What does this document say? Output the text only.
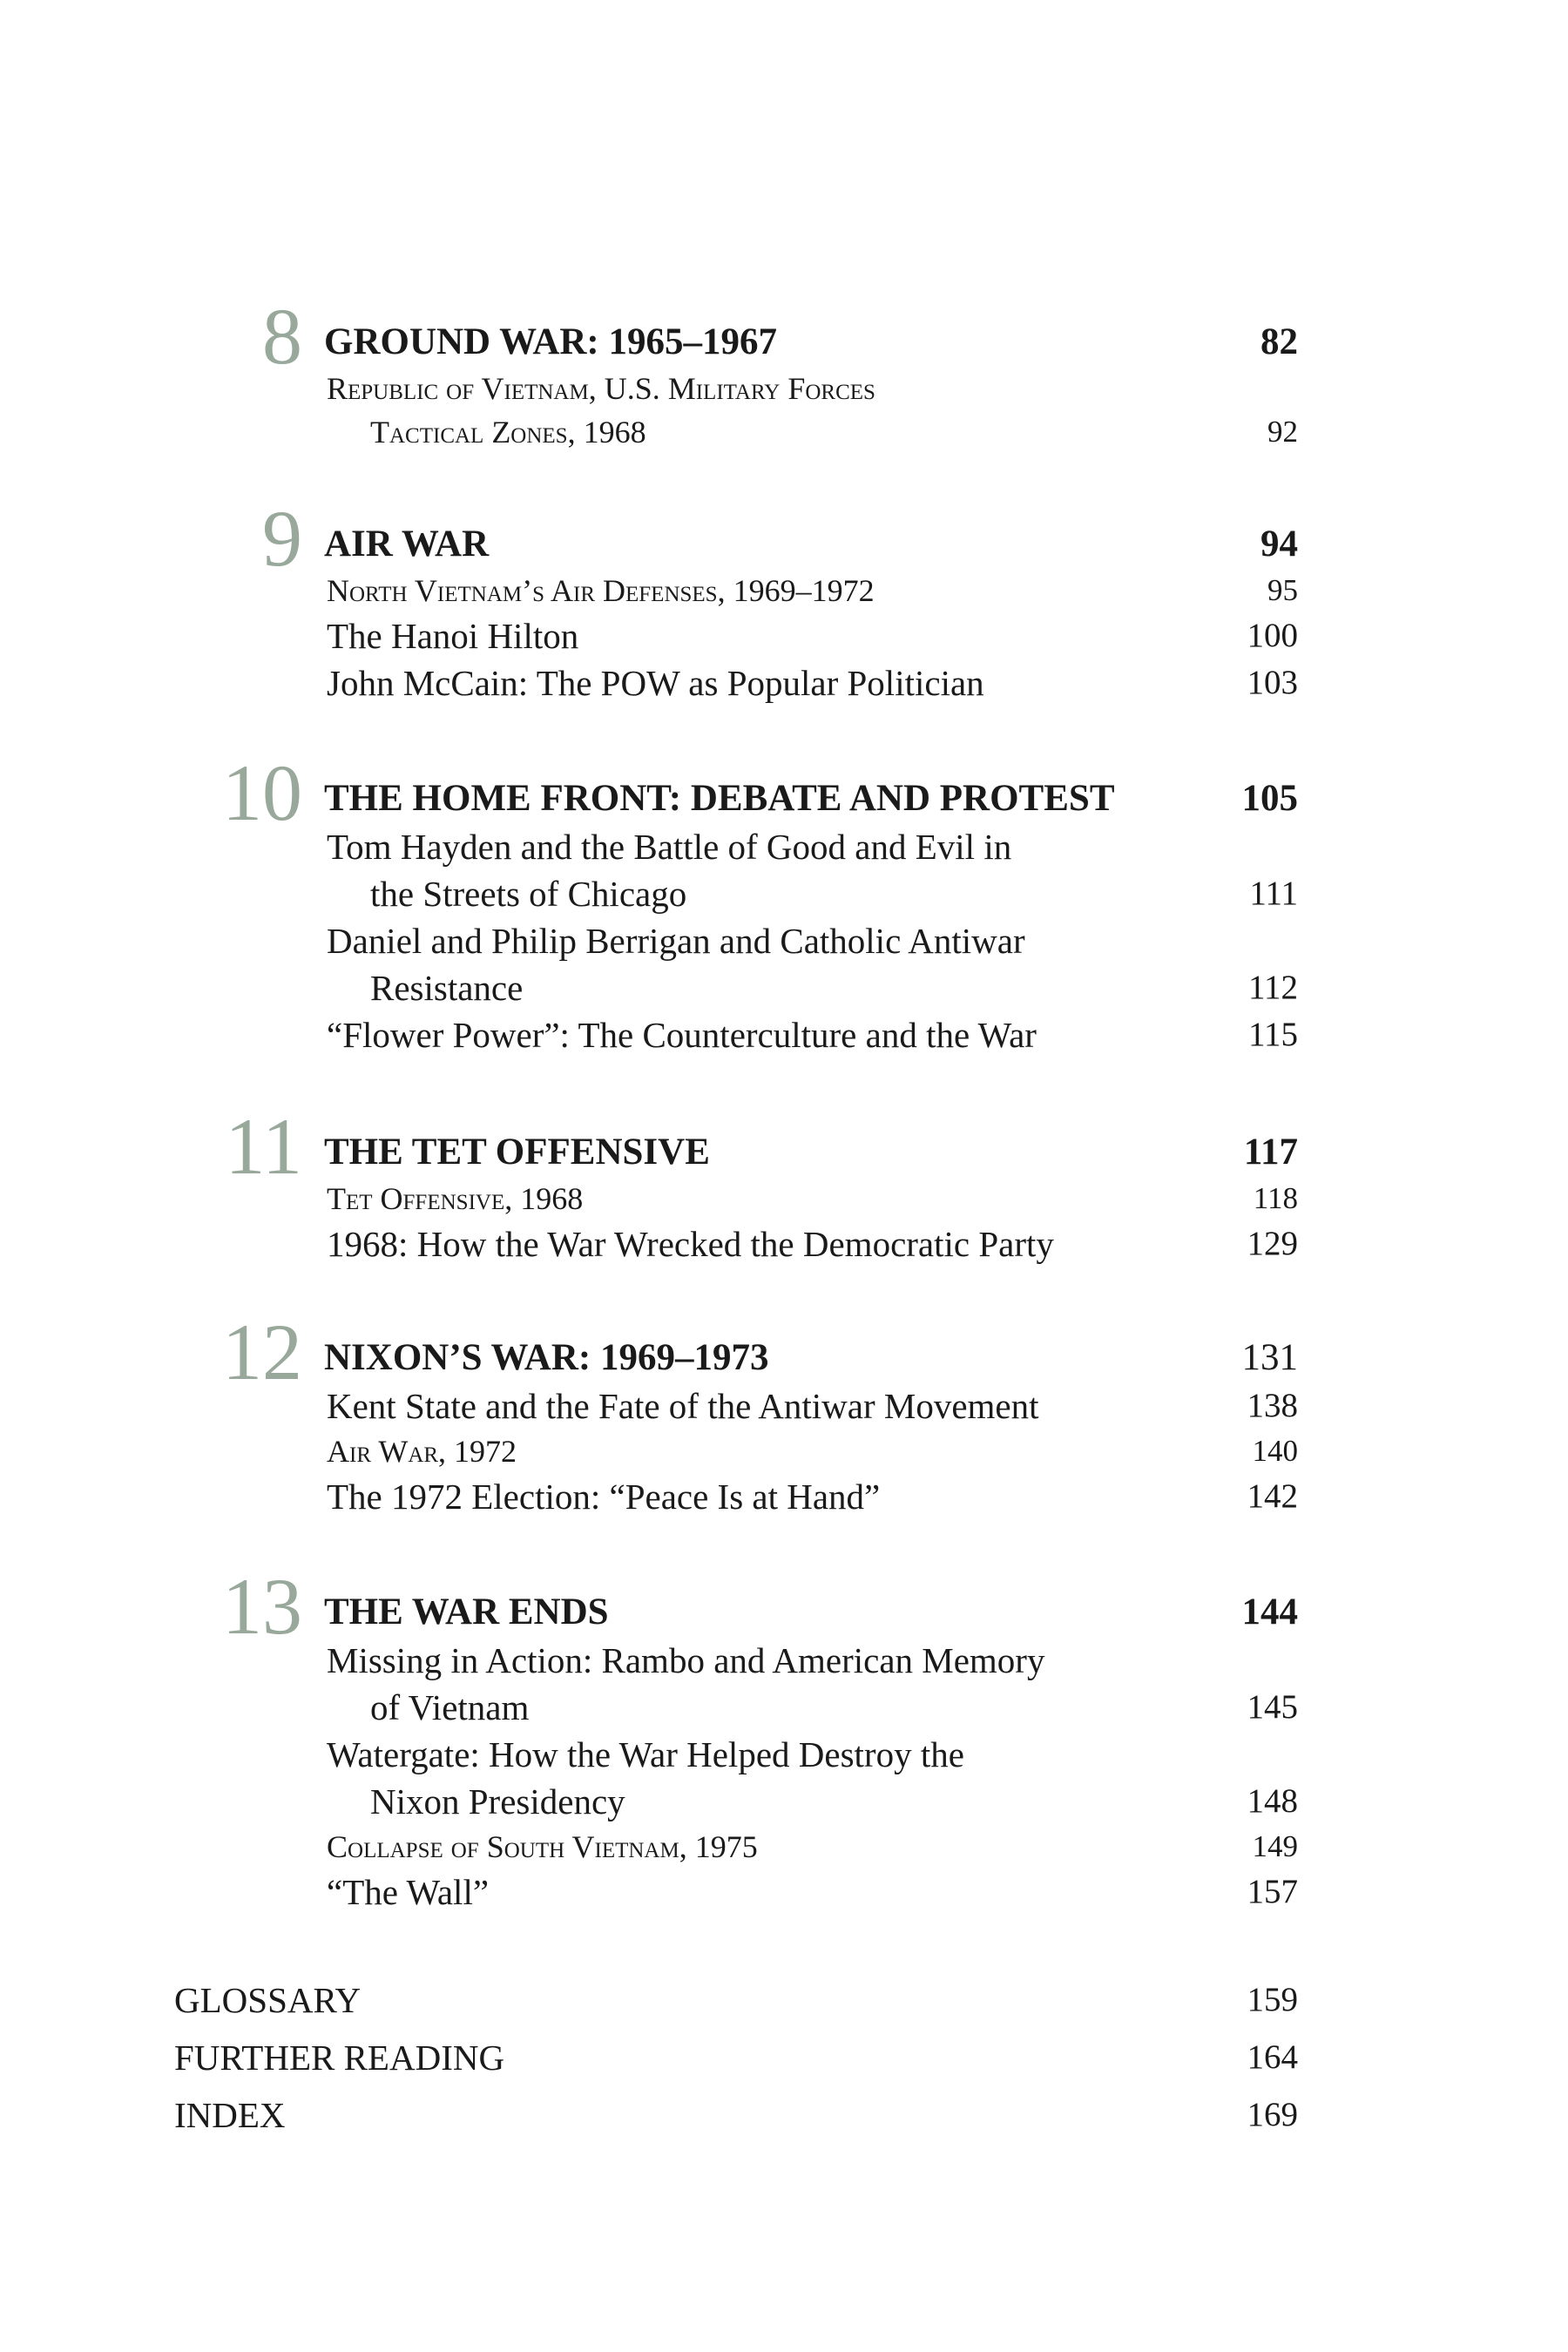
8 GROUND WAR: 1965–1967	82
Republic of Vietnam, U.S. Military Forces
Tactical Zones, 1968	92
9 AIR WAR	94
North Vietnam’s Air Defenses, 1969–1972	95
The Hanoi Hilton	100
John McCain: The POW as Popular Politician	103
10 THE HOME FRONT: DEBATE AND PROTEST	105
Tom Hayden and the Battle of Good and Evil in
the Streets of Chicago	111
Daniel and Philip Berrigan and Catholic Antiwar
Resistance	112
“Flower Power”: The Counterculture and the War	115
11 THE TET OFFENSIVE	117
Tet Offensive, 1968	118
1968: How the War Wrecked the Democratic Party	129
12 NIXON’S WAR: 1969–1973	131
Kent State and the Fate of the Antiwar Movement	138
Air War, 1972	140
The 1972 Election: “Peace Is at Hand”	142
13 THE WAR ENDS	144
Missing in Action: Rambo and American Memory
of Vietnam	145
Watergate: How the War Helped Destroy the
Nixon Presidency	148
Collapse of South Vietnam, 1975	149
“The Wall”	157
GLOSSARY	159
FURTHER READING	164
INDEX	169
